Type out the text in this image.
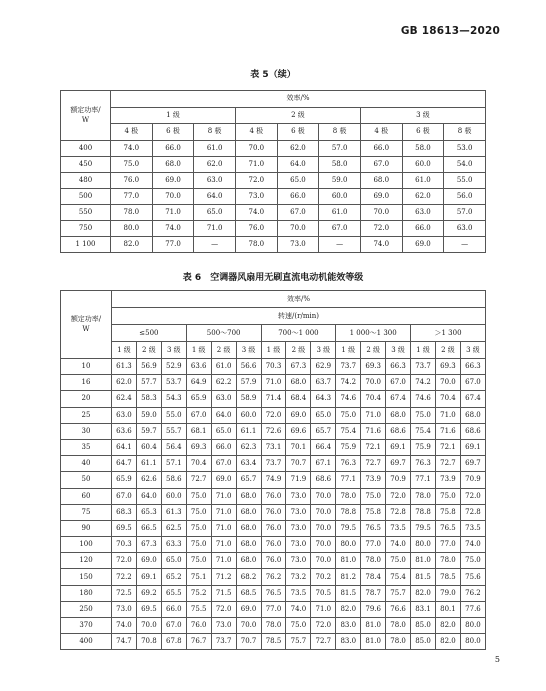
GB 18613—2020
表 5（续）
额定功率/
W	效率/%								
	1 级			2 级			3 级		
	4 极	6 极	8 极	4 极	6 极	8 极	4 极	6 极	8 极
400	74.0	66.0	61.0	70.0	62.0	57.0	66.0	58.0	53.0
450	75.0	68.0	62.0	71.0	64.0	58.0	67.0	60.0	54.0
480	76.0	69.0	63.0	72.0	65.0	59.0	68.0	61.0	55.0
500	77.0	70.0	64.0	73.0	66.0	60.0	69.0	62.0	56.0
550	78.0	71.0	65.0	74.0	67.0	61.0	70.0	63.0	57.0
750	80.0	74.0	71.0	76.0	70.0	67.0	72.0	66.0	63.0
1 100	82.0	77.0	—	78.0	73.0	—	74.0	69.0	—
表 6　空调器风扇用无刷直流电动机能效等级
额定功率/
W	效率/%														
	转速/(r/min)														
	≤500			500～700			700～1 000			1 000～1 300			＞1 300		
	1 级	2 级	3 级	1 级	2 级	3 级	1 级	2 级	3 级	1 级	2 级	3 级	1 级	2 级	3 级
10	61.3	56.9	52.9	63.6	61.0	56.6	70.3	67.3	62.9	73.7	69.3	66.3	73.7	69.3	66.3
16	62.0	57.7	53.7	64.9	62.2	57.9	71.0	68.0	63.7	74.2	70.0	67.0	74.2	70.0	67.0
20	62.4	58.3	54.3	65.9	63.0	58.9	71.4	68.4	64.3	74.6	70.4	67.4	74.6	70.4	67.4
25	63.0	59.0	55.0	67.0	64.0	60.0	72.0	69.0	65.0	75.0	71.0	68.0	75.0	71.0	68.0
30	63.6	59.7	55.7	68.1	65.0	61.1	72.6	69.6	65.7	75.4	71.6	68.6	75.4	71.6	68.6
35	64.1	60.4	56.4	69.3	66.0	62.3	73.1	70.1	66.4	75.9	72.1	69.1	75.9	72.1	69.1
40	64.7	61.1	57.1	70.4	67.0	63.4	73.7	70.7	67.1	76.3	72.7	69.7	76.3	72.7	69.7
50	65.9	62.6	58.6	72.7	69.0	65.7	74.9	71.9	68.6	77.1	73.9	70.9	77.1	73.9	70.9
60	67.0	64.0	60.0	75.0	71.0	68.0	76.0	73.0	70.0	78.0	75.0	72.0	78.0	75.0	72.0
75	68.3	65.3	61.3	75.0	71.0	68.0	76.0	73.0	70.0	78.8	75.8	72.8	78.8	75.8	72.8
90	69.5	66.5	62.5	75.0	71.0	68.0	76.0	73.0	70.0	79.5	76.5	73.5	79.5	76.5	73.5
100	70.3	67.3	63.3	75.0	71.0	68.0	76.0	73.0	70.0	80.0	77.0	74.0	80.0	77.0	74.0
120	72.0	69.0	65.0	75.0	71.0	68.0	76.0	73.0	70.0	81.0	78.0	75.0	81.0	78.0	75.0
150	72.2	69.1	65.2	75.1	71.2	68.2	76.2	73.2	70.2	81.2	78.4	75.4	81.5	78.5	75.6
180	72.5	69.2	65.5	75.2	71.5	68.5	76.5	73.5	70.5	81.5	78.7	75.7	82.0	79.0	76.2
250	73.0	69.5	66.0	75.5	72.0	69.0	77.0	74.0	71.0	82.0	79.6	76.6	83.1	80.1	77.6
370	74.0	70.0	67.0	76.0	73.0	70.0	78.0	75.0	72.0	83.0	81.0	78.0	85.0	82.0	80.0
400	74.7	70.8	67.8	76.7	73.7	70.7	78.5	75.7	72.7	83.0	81.0	78.0	85.0	82.0	80.0
5
